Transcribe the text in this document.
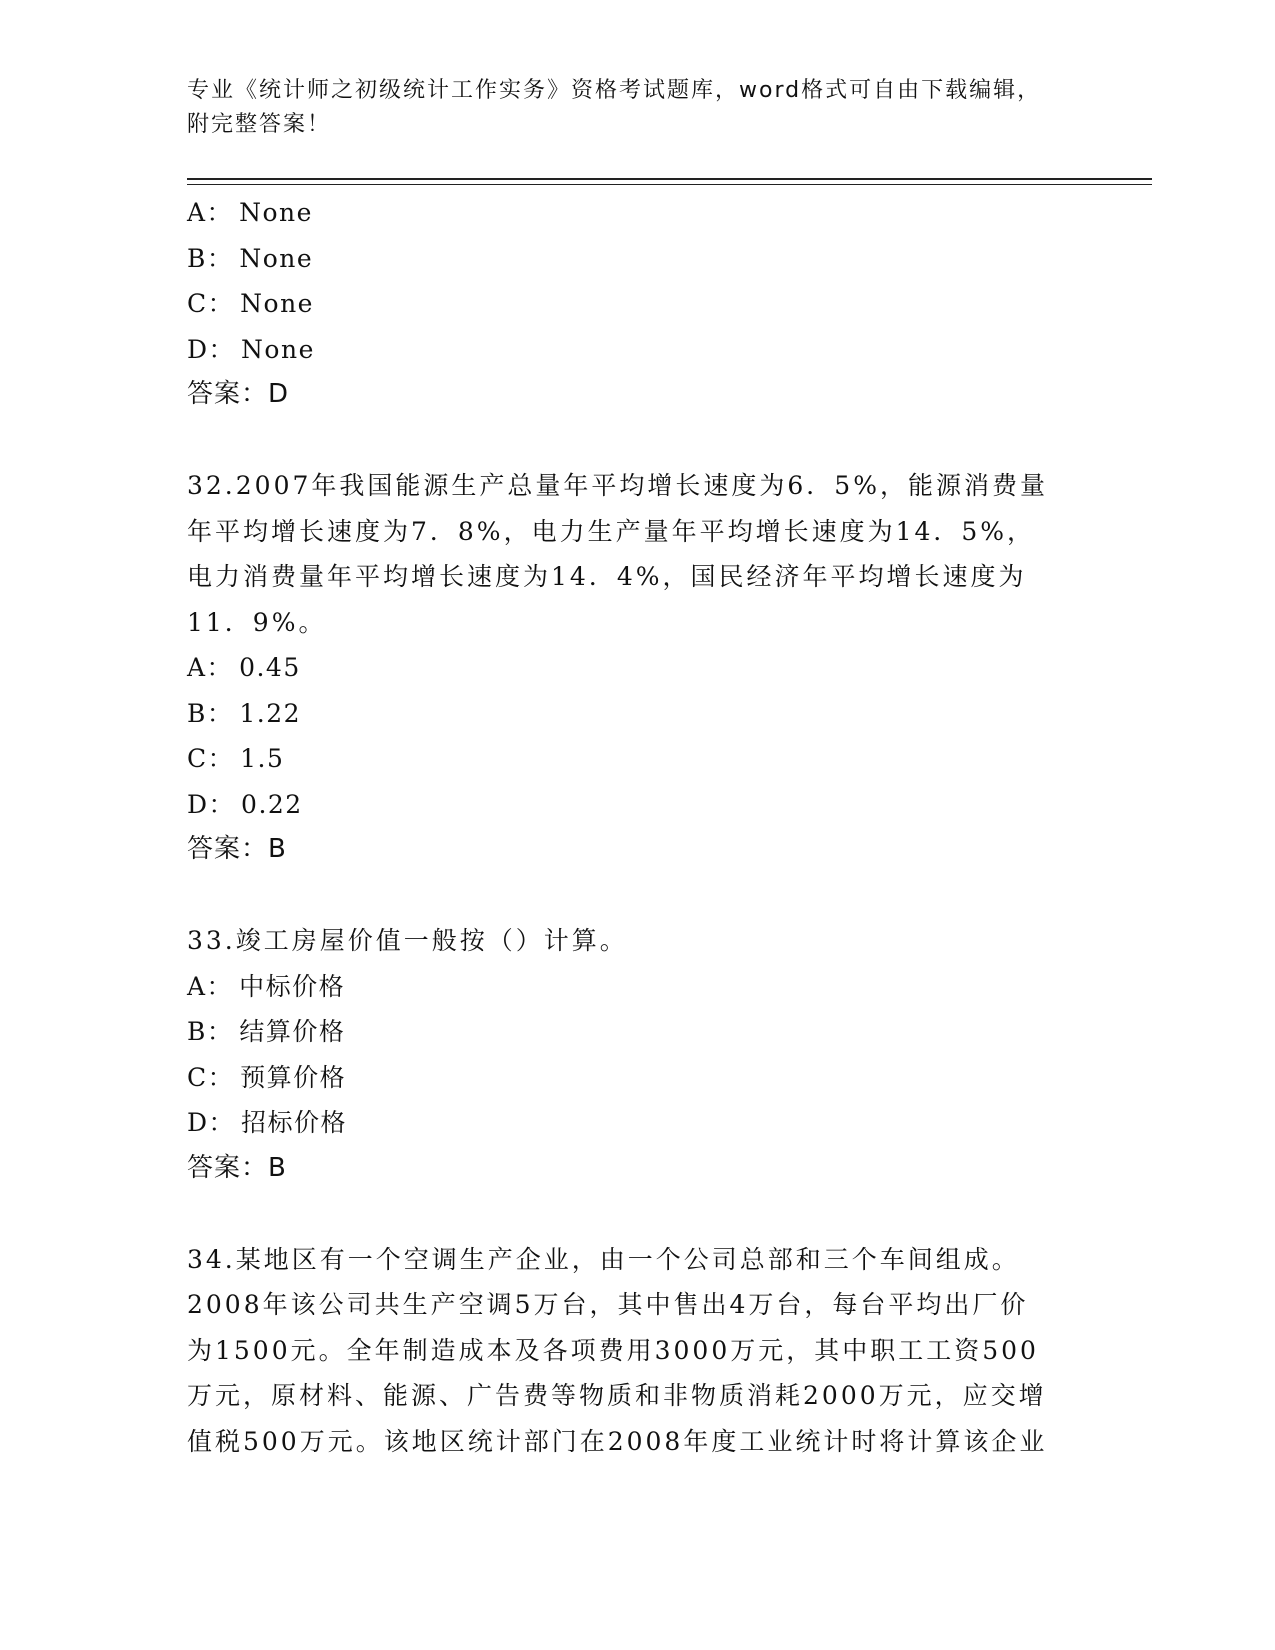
专业《统计师之初级统计工作实务》资格考试题库，word格式可自由下载编辑，
附完整答案！
A： None
B： None
C： None
D： None
答案：D
32.2007年我国能源生产总量年平均增长速度为6．5%，能源消费量
年平均增长速度为7．8%，电力生产量年平均增长速度为14．5%，
电力消费量年平均增长速度为14．4%，国民经济年平均增长速度为
11．9%。
A： 0.45
B： 1.22
C： 1.5
D： 0.22
答案：B
33.竣工房屋价值一般按（）计算。
A： 中标价格
B： 结算价格
C： 预算价格
D： 招标价格
答案：B
34.某地区有一个空调生产企业，由一个公司总部和三个车间组成。
2008年该公司共生产空调5万台，其中售出4万台，每台平均出厂价
为1500元。全年制造成本及各项费用3000万元，其中职工工资500
万元，原材料、能源、广告费等物质和非物质消耗2000万元，应交增
值税500万元。该地区统计部门在2008年度工业统计时将计算该企业
